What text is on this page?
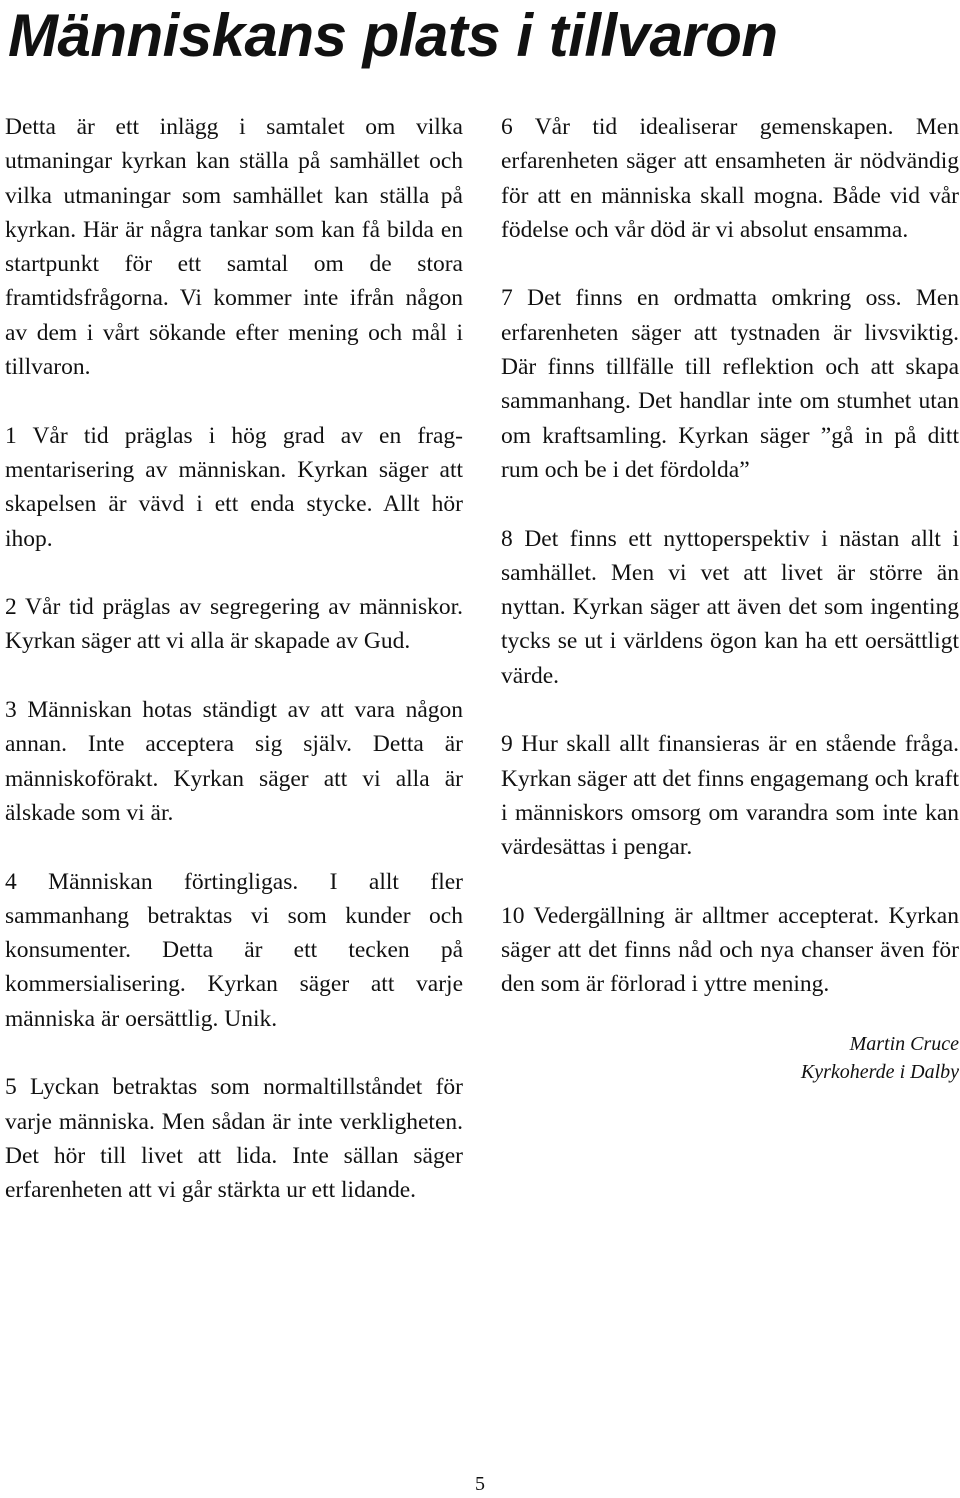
Människans plats i tillvaron

Detta är ett inlägg i samtalet om vilka utmaningar kyrkan kan ställa på samhället och vilka utmaningar som samhället kan ställa på kyrkan. Här är några tankar som kan få bilda en startpunkt för ett samtal om de stora framtidsfrågorna. Vi kommer inte ifrån någon av dem i vårt sökande efter mening och mål i tillvaron.

1 Vår tid präglas i hög grad av en fragmentarisering av människan. Kyrkan säger att skapelsen är vävd i ett enda stycke. Allt hör ihop.

2 Vår tid präglas av segregering av människor. Kyrkan säger att vi alla är skapade av Gud.

3 Människan hotas ständigt av att vara någon annan. Inte acceptera sig själv. Detta är människoförakt. Kyrkan säger att vi alla är älskade som vi är.

4 Människan förtingligas. I allt fler sammanhang betraktas vi som kunder och konsumenter. Detta är ett tecken på kommersialisering. Kyrkan säger att varje människa är oersättlig. Unik.

5 Lyckan betraktas som normaltillståndet för varje människa. Men sådan är inte verkligheten. Det hör till livet att lida. Inte sällan säger erfarenheten att vi går stärkta ur ett lidande.

6 Vår tid idealiserar gemenskapen. Men erfarenheten säger att ensamheten är nödvändig för att en människa skall mogna. Både vid vår födelse och vår död är vi absolut ensamma.

7 Det finns en ordmatta omkring oss. Men erfarenheten säger att tystnaden är livsviktig. Där finns tillfälle till reflektion och att skapa sammanhang. Det handlar inte om stumhet utan om kraftsamling. Kyrkan säger ”gå in på ditt rum och be i det fördolda”

8 Det finns ett nyttoperspektiv i nästan allt i samhället. Men vi vet att livet är större än nyttan. Kyrkan säger att även det som ingenting tycks se ut i världens ögon kan ha ett oersättligt värde.

9 Hur skall allt finansieras är en stående fråga. Kyrkan säger att det finns engagemang och kraft i människors omsorg om varandra som inte kan värdesättas i pengar.

10 Vedergällning är alltmer accepterat. Kyrkan säger att det finns nåd och nya chanser även för den som är förlorad i yttre mening.

Martin Cruce
Kyrkoherde i Dalby
5
